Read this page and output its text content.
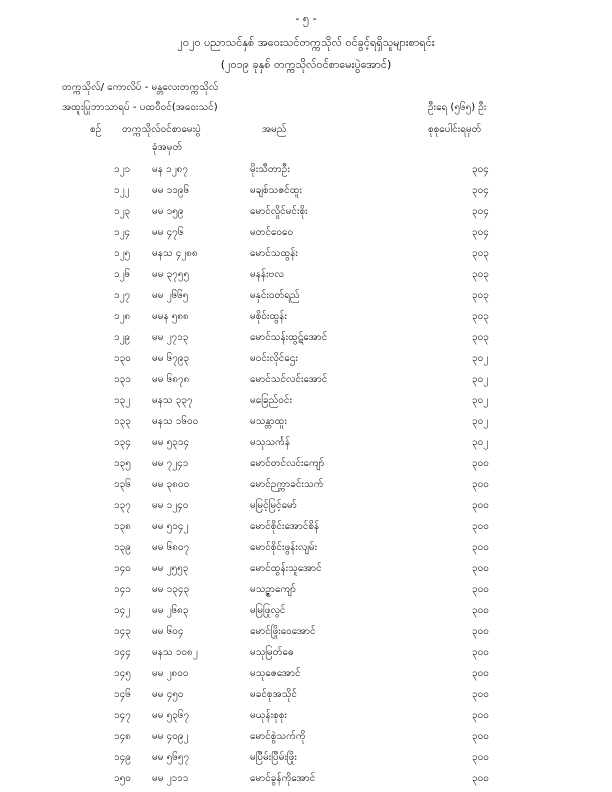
- ၅ -
၂၀၂၀ ပညာသင်နှစ် အဝေးသင်တက္ကသိုလ် ဝင်ခွင့်ရရှိသူများစာရင်း
(၂၀၁၉ ခုနှစ် တက္ကသိုလ်ဝင်စာမေးပွဲအောင်)
တက္ကသိုလ်/ ကောလိပ် - မန္တလေးတက္ကသိုလ်
အထူးပြုဘာသာရပ် - ပထဝီဝင်(အဝေးသင်)	ဦးရေ (၅၆၅) ဦး
စဉ် တက္ကသိုလ်ဝင်စာမေးပွဲ
ခုံအမှတ်
အမည်	စုစုပေါင်းရမှတ်
၁၂၁ မန ၁၂၈၇	မိုးသီတာဦး	၃၀၄
၁၂၂ မမ ၁၁၉၆	မချစ်သဇင်ထူး	၃၀၄
၁၂၃ မမ ၁၅၉	မောင်လှိုင်မင်းစိုး	၃၀၄
၁၂၄ မမ ၄၇၆	မတင်ဝေဝေ	၃၀၄
၁၂၅ မနသ ၄၂၈၈	မောင်သထွန်း	၃၀၃
၁၂၆ မမ ၃၇၅၅	မနန်းဗလ	၃၀၃
၁၂၇ မမ ၂၆၆၅	မနှင်းဝတ်ရည်	၃၀၃
၁၂၈ မမန ၅၈၈	မစိုဝ်းထွန်း	၃၀၃
၁၂၉ မမ ၂၇၁၃	မောင်သန်းထွဋ်အောင်	၃၀၃
၁၃၀ မမ ၆၇၉၃	မဝင်းလိုင်ဌေး	၃၀၂
၁၃၁ မမ ၆၈၇၈	မောင်သင်လင်းအောင်	၃၀၂
၁၃၂ မနသ ၃၃၇	မခြေည်ဝင်း	၃၀၂
၁၃၃ မနသ ၁၆၀၀	မသန္တာထူး	၃၀၂
၁၃၄ မမ ၅၃၁၄	မသုသင်္ကန်	၃၀၂
၁၃၅ မမ ၇၂၄၁	မောင်တင်လင်းကျော်	၃၀၀
၁၃၆ မမ ၃၈၀၀	မောင်ဉက္ကာခင်းသက်	၃၀၀
၁၃၇ မမ ၁၂၄၀	မမြင့်မြင့်မော်	၃၀၀
၁၃၈ မမ ၅၁၄၂	မောင်စိုင်းအောင်စိန်	၃၀၀
၁၃၉ မမ ၆၈၀၇	မောင်စိုင်းဖွန်းလျမ်း	၃၀၀
၁၄၀ မမ ၂၅၅၃	မောင်ထွန်းသူအောင်	၃၀၀
၁၄၁ မမ ၁၃၄၃	မသဥ္ဇာကျော်	၃၀၀
၁၄၂ မမ ၂၆၈၃	မမြဖြုလွင်	၃၀၀
၁၄၃ မမ ၆၀၄	မောင်ဖြိုးဝေအောင်	၃၀၀
၁၄၄ မနသ ၁၀၈၂	မသုမြတ်ဓေ	၃၀၀
၁၄၅ မမ ၂၈၀၀	မသုဇေအောင်	၃၀၀
၁၄၆ မမ ၄၅၀	မခင်စုအသိုင်	၃၀၀
၁၄၇ မမ ၅၃၆၇	မယုန်းစုစုး	၃၀၀
၁၄၈ မမ ၄၀၉၂	မောင်စွဲသက်ကို	၃၀၀
၁၄၉ မမ ၅၆၅၇	မပြီမ်းပြီမ်းဖြိုး	၃၀၀
၁၅၀ မမ ၂၁၁၁	မောင်ခွန်ကိုအောင်	၃၀၀
